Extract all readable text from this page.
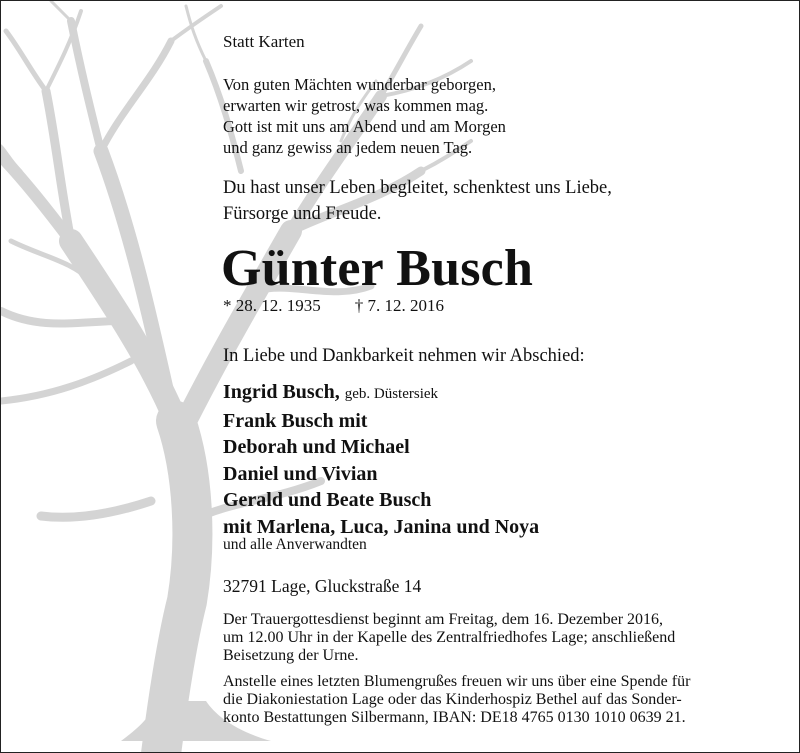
Statt Karten
Von guten Mächten wunderbar geborgen,
erwarten wir getrost, was kommen mag.
Gott ist mit uns am Abend und am Morgen
und ganz gewiss an jedem neuen Tag.
Du hast unser Leben begleitet, schenktest uns Liebe,
Fürsorge und Freude.
Günter Busch
* 28. 12. 1935 † 7. 12. 2016
In Liebe und Dankbarkeit nehmen wir Abschied:
Ingrid Busch, geb. Düstersiek
Frank Busch mit
Deborah und Michael
Daniel und Vivian
Gerald und Beate Busch
mit Marlena, Luca, Janina und Noya
und alle Anverwandten
32791 Lage, Gluckstraße 14
Der Trauergottesdienst beginnt am Freitag, dem 16. Dezember 2016,
um 12.00 Uhr in der Kapelle des Zentralfriedhofes Lage; anschließend
Beisetzung der Urne.
Anstelle eines letzten Blumengrußes freuen wir uns über eine Spende für
die Diakoniestation Lage oder das Kinderhospiz Bethel auf das Sonder-
konto Bestattungen Silbermann, IBAN: DE18 4765 0130 1010 0639 21.
